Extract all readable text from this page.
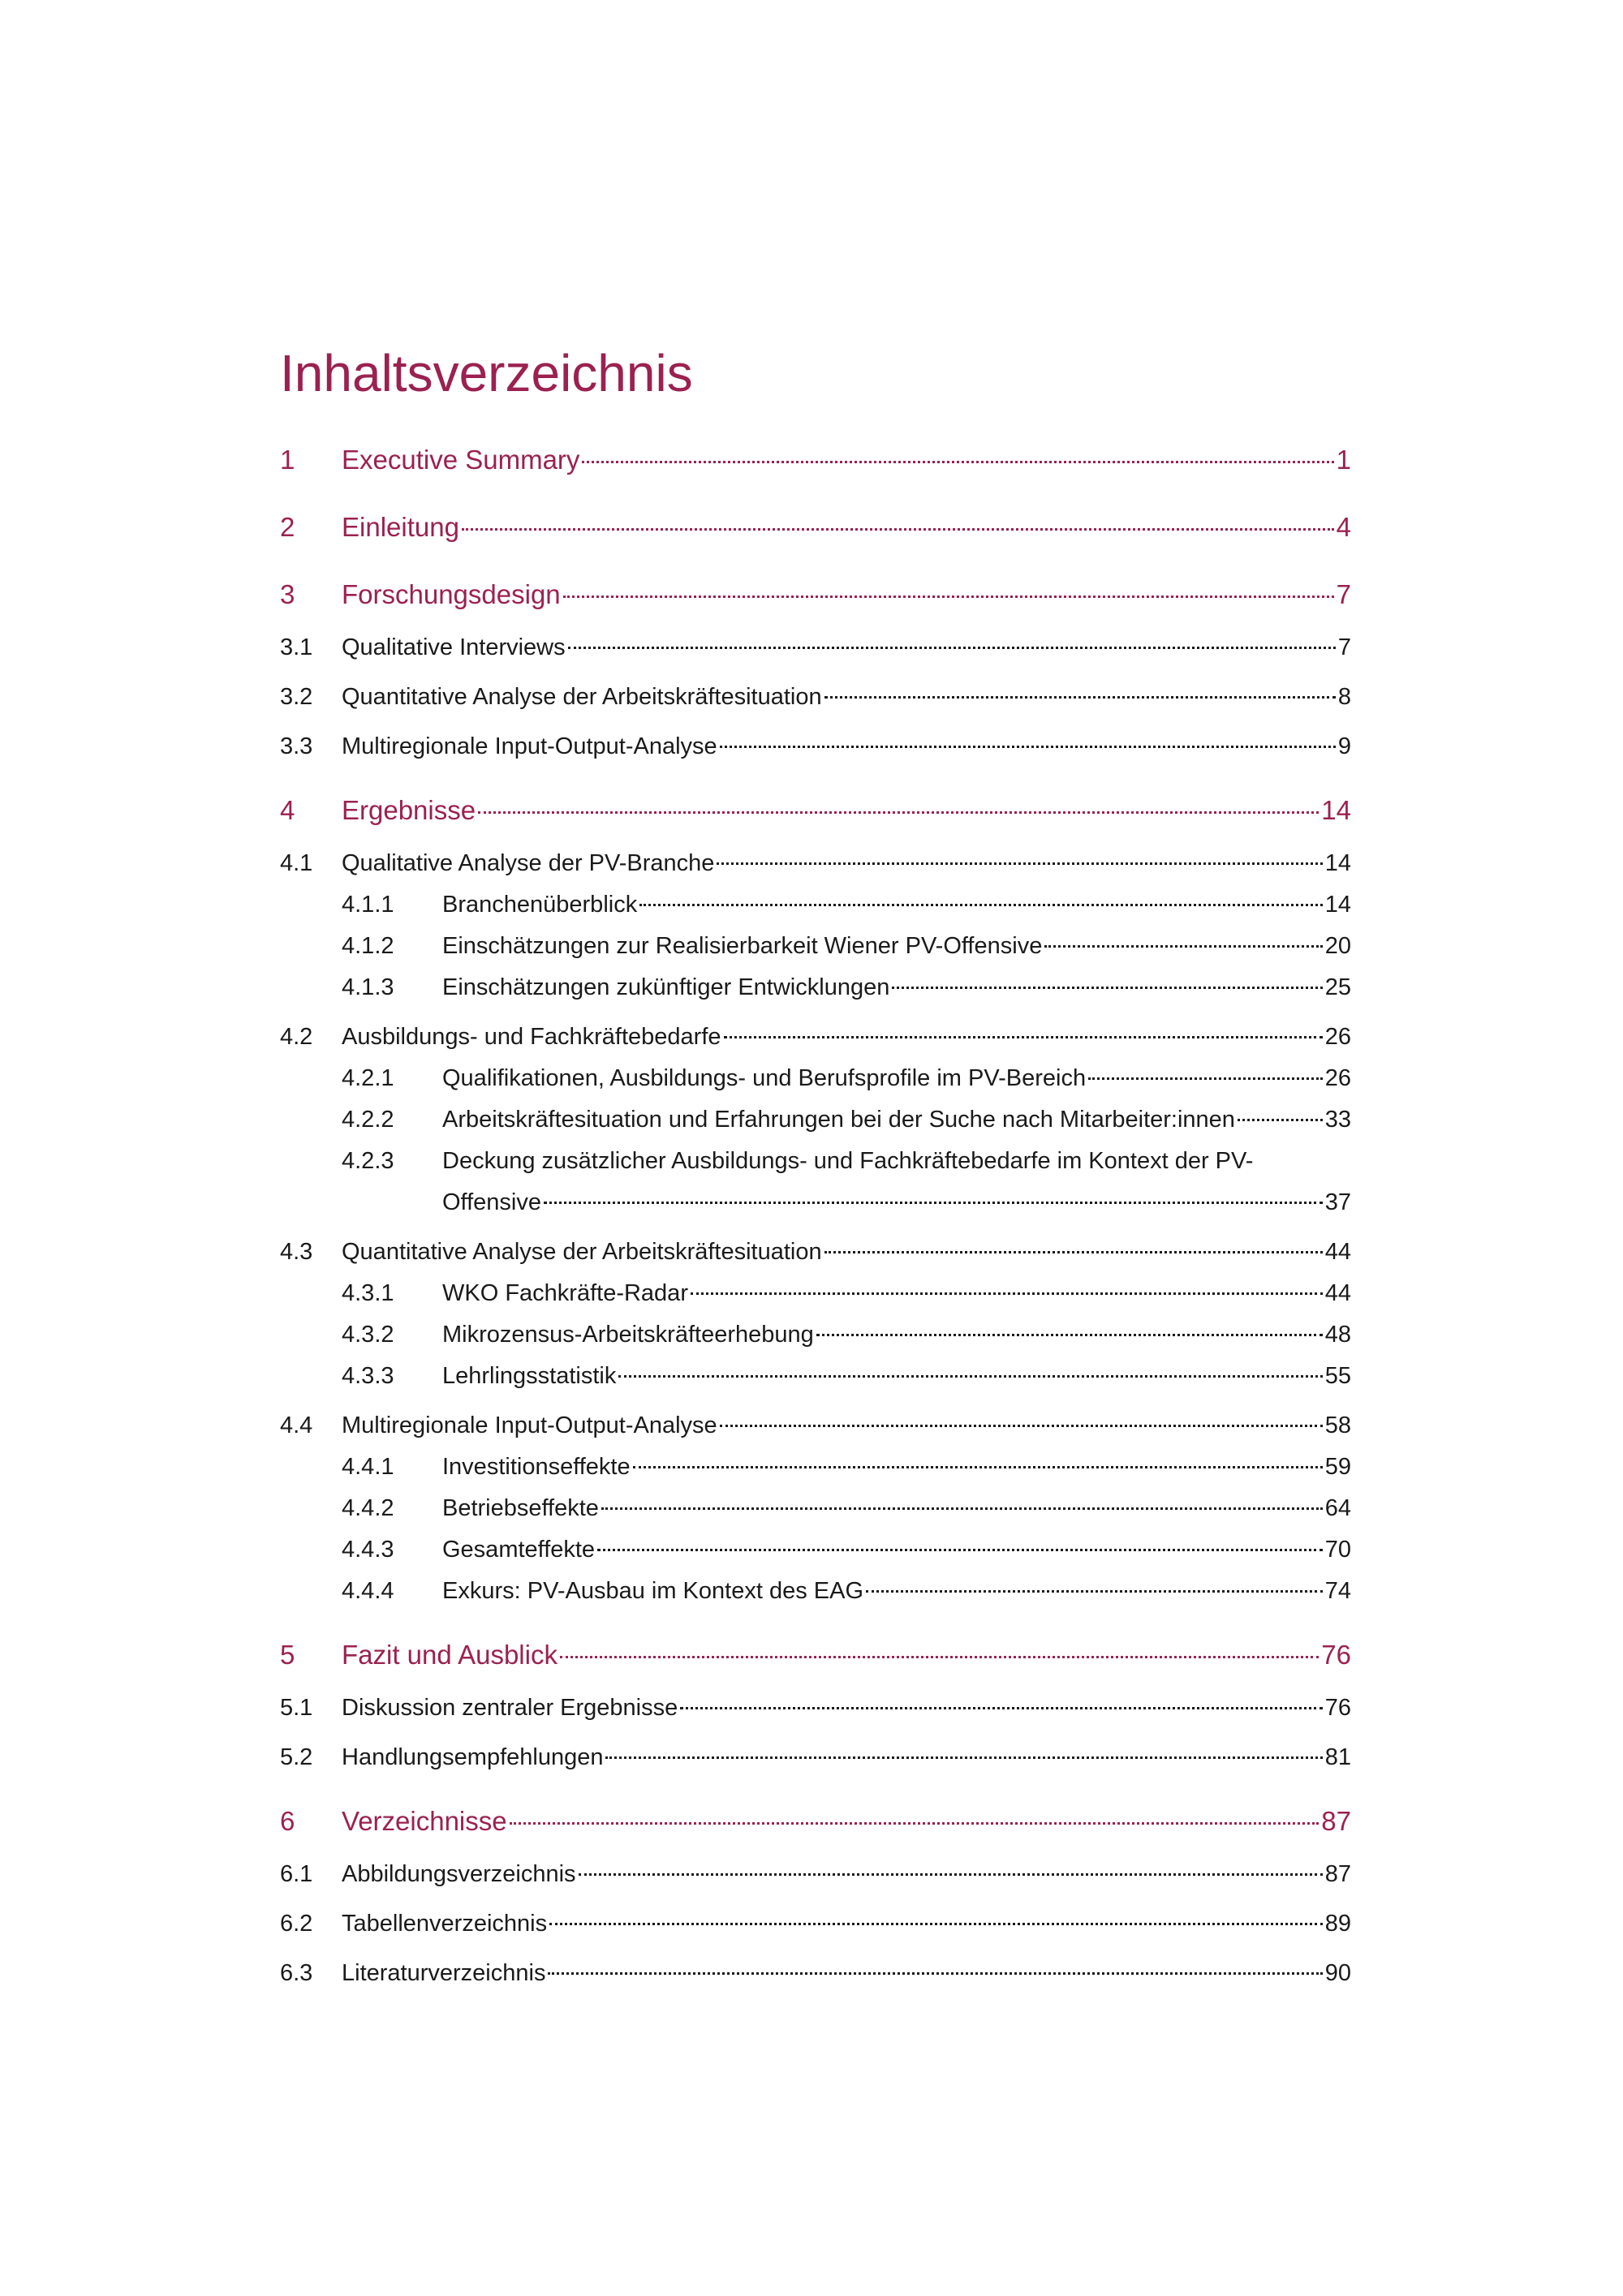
Inhaltsverzeichnis
1	Executive Summary	1
2	Einleitung	4
3	Forschungsdesign	7
3.1	Qualitative Interviews	7
3.2	Quantitative Analyse der Arbeitskräftesituation	8
3.3	Multiregionale Input-Output-Analyse	9
4	Ergebnisse	14
4.1	Qualitative Analyse der PV-Branche	14
4.1.1	Branchenüberblick	14
4.1.2	Einschätzungen zur Realisierbarkeit Wiener PV-Offensive	20
4.1.3	Einschätzungen zukünftiger Entwicklungen	25
4.2	Ausbildungs- und Fachkräftebedarfe	26
4.2.1	Qualifikationen, Ausbildungs- und Berufsprofile im PV-Bereich	26
4.2.2	Arbeitskräftesituation und Erfahrungen bei der Suche nach Mitarbeiter:innen	33
4.2.3	Deckung zusätzlicher Ausbildungs- und Fachkräftebedarfe im Kontext der PV-
Offensive	37
4.3	Quantitative Analyse der Arbeitskräftesituation	44
4.3.1	WKO Fachkräfte-Radar	44
4.3.2	Mikrozensus-Arbeitskräfteerhebung	48
4.3.3	Lehrlingsstatistik	55
4.4	Multiregionale Input-Output-Analyse	58
4.4.1	Investitionseffekte	59
4.4.2	Betriebseffekte	64
4.4.3	Gesamteffekte	70
4.4.4	Exkurs: PV-Ausbau im Kontext des EAG	74
5	Fazit und Ausblick	76
5.1	Diskussion zentraler Ergebnisse	76
5.2	Handlungsempfehlungen	81
6	Verzeichnisse	87
6.1	Abbildungsverzeichnis	87
6.2	Tabellenverzeichnis	89
6.3	Literaturverzeichnis	90
